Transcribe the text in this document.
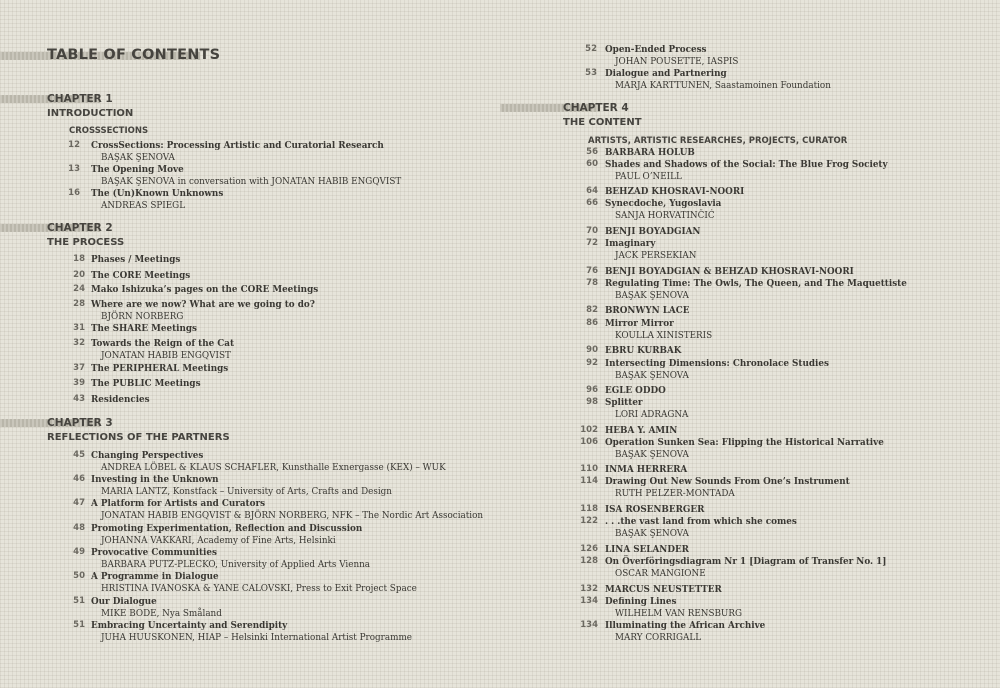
TABLE OF CONTENTS
CHAPTER 1
INTRODUCTION
CROSSSECTIONS
12 CrossSections: Processing Artistic and Curatorial Research
BAŞAK ŞENOVA
13 The Opening Move
BAŞAK ŞENOVA in conversation with JONATAN HABIB ENGQVIST
16 The (Un)Known Unknowns
ANDREAS SPIEGL
CHAPTER 2
THE PROCESS
18 Phases / Meetings
20 The CORE Meetings
24 Mako Ishizuka’s pages on the CORE Meetings
28 Where are we now? What are we going to do?
BJÖRN NORBERG
31 The SHARE Meetings
32 Towards the Reign of the Cat
JONATAN HABIB ENGQVIST
37 The PERIPHERAL Meetings
39 The PUBLIC Meetings
43 Residencies
CHAPTER 3
REFLECTIONS OF THE PARTNERS
45 Changing Perspectives
ANDREA LÖBEL & KLAUS SCHAFLER, Kunsthalle Exnergasse (KEX) – WUK
46 Investing in the Unknown
MARIA LANTZ, Konstfack – University of Arts, Crafts and Design
47 A Platform for Artists and Curators
JONATAN HABIB ENGQVIST & BJÖRN NORBERG, NFK – The Nordic Art Association
48 Promoting Experimentation, Reflection and Discussion
JOHANNA VAKKARI, Academy of Fine Arts, Helsinki
49 Provocative Communities
BARBARA PUTZ-PLECKO, University of Applied Arts Vienna
50 A Programme in Dialogue
HRISTINA IVANOSKA & YANE CALOVSKI, Press to Exit Project Space
51 Our Dialogue
MIKE BODE, Nya Småland
51 Embracing Uncertainty and Serendipity
JUHA HUUSKONEN, HIAP – Helsinki International Artist Programme
52 Open-Ended Process
JOHAN POUSETTE, IASPIS
53 Dialogue and Partnering
MARJA KARTTUNEN, Saastamoinen Foundation
CHAPTER 4
THE CONTENT
ARTISTS, ARTISTIC RESEARCHES, PROJECTS, CURATOR
56 BARBARA HOLUB
60 Shades and Shadows of the Social: The Blue Frog Society
PAUL O’NEILL
64 BEHZAD KHOSRAVI-NOORI
66 Synecdoche, Yugoslavia
SANJA HORVATINČIĆ
70 BENJI BOYADGIAN
72 Imaginary
JACK PERSEKIAN
76 BENJI BOYADGIAN & BEHZAD KHOSRAVI-NOORI
78 Regulating Time: The Owls, The Queen, and The Maquettiste
BAŞAK ŞENOVA
82 BRONWYN LACE
86 Mirror Mirror
KOULLA XINISTERIS
90 EBRU KURBAK
92 Intersecting Dimensions: Chronolace Studies
BAŞAK ŞENOVA
96 EGLE ODDO
98 Splitter
LORI ADRAGNA
102 HEBA Y. AMIN
106 Operation Sunken Sea: Flipping the Historical Narrative
BAŞAK ŞENOVA
110 INMA HERRERA
114 Drawing Out New Sounds From One’s Instrument
RUTH PELZER-MONTADA
118 ISA ROSENBERGER
122 . . .the vast land from which she comes
BAŞAK ŞENOVA
126 LINA SELANDER
128 On Överföringsdiagram Nr 1 [Diagram of Transfer No. 1]
OSCAR MANGIONE
132 MARCUS NEUSTETTER
134 Defining Lines
WILHELM VAN RENSBURG
134 Illuminating the African Archive
MARY CORRIGALL
